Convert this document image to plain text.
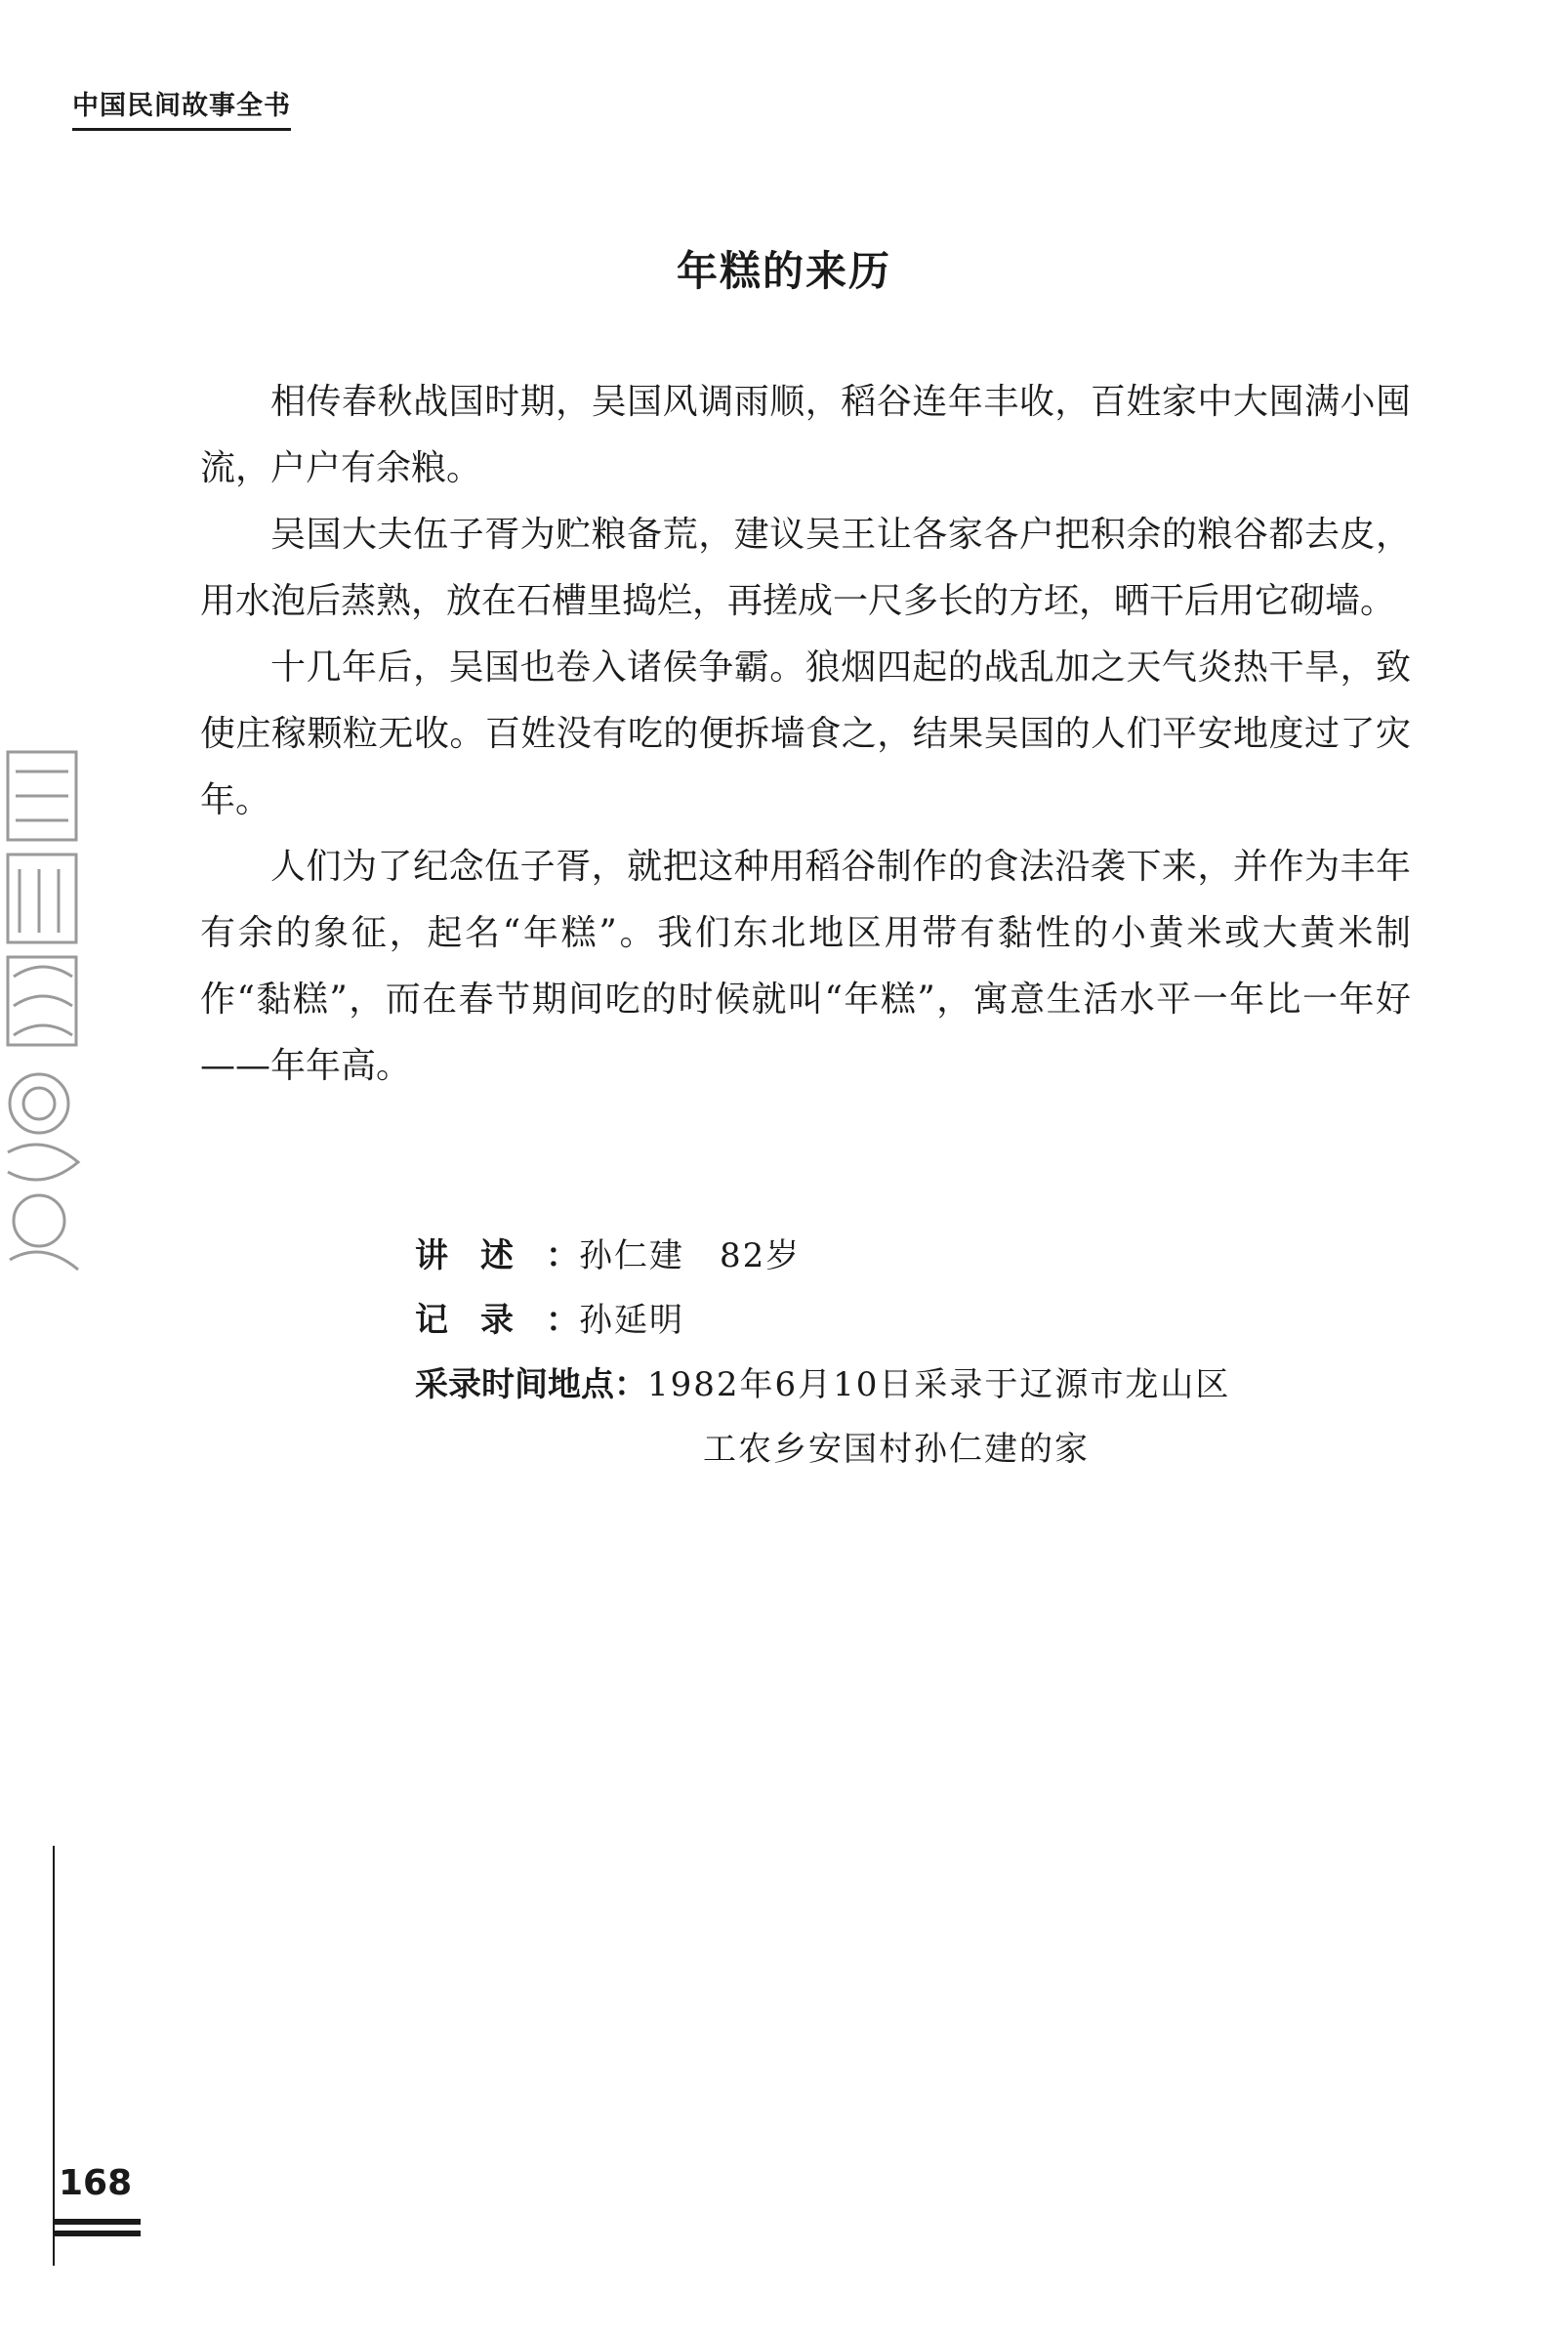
中国民间故事全书
年糕的来历

相传春秋战国时期，吴国风调雨顺，稻谷连年丰收，百姓家中大囤满小囤流，户户有余粮。

吴国大夫伍子胥为贮粮备荒，建议吴王让各家各户把积余的粮谷都去皮，用水泡后蒸熟，放在石槽里捣烂，再搓成一尺多长的方坯，晒干后用它砌墙。

十几年后，吴国也卷入诸侯争霸。狼烟四起的战乱加之天气炎热干旱，致使庄稼颗粒无收。百姓没有吃的便拆墙食之，结果吴国的人们平安地度过了灾年。

人们为了纪念伍子胥，就把这种用稻谷制作的食法沿袭下来，并作为丰年有余的象征，起名“年糕”。我们东北地区用带有黏性的小黄米或大黄米制作“黏糕”，而在春节期间吃的时候就叫“年糕”，寓意生活水平一年比一年好——年年高。

讲述： 孙仁建　82岁
记录： 孙延明
采录时间地点： 1982年6月10日采录于辽源市龙山区
工农乡安国村孙仁建的家
168
